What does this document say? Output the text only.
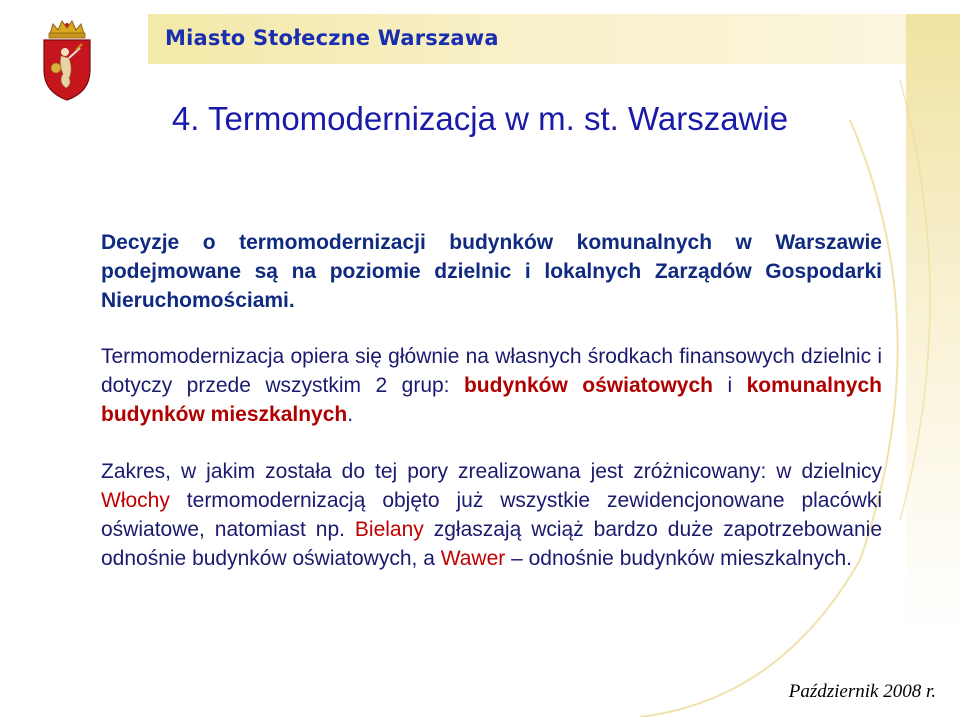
Miasto Stołeczne Warszawa
4. Termomodernizacja w m. st. Warszawie
Decyzje o termomodernizacji budynków komunalnych w Warszawie podejmowane są na poziomie dzielnic i lokalnych Zarządów Gospodarki Nieruchomościami.
Termomodernizacja opiera się głównie na własnych środkach finansowych dzielnic i dotyczy przede wszystkim 2 grup: budynków oświatowych i komunalnych budynków mieszkalnych.
Zakres, w jakim została do tej pory zrealizowana jest zróżnicowany: w dzielnicy Włochy termomodernizacją objęto już wszystkie zewidencjonowane placówki oświatowe, natomiast np. Bielany zgłaszają wciąż bardzo duże zapotrzebowanie odnośnie budynków oświatowych, a Wawer – odnośnie budynków mieszkalnych.
Październik 2008 r.
